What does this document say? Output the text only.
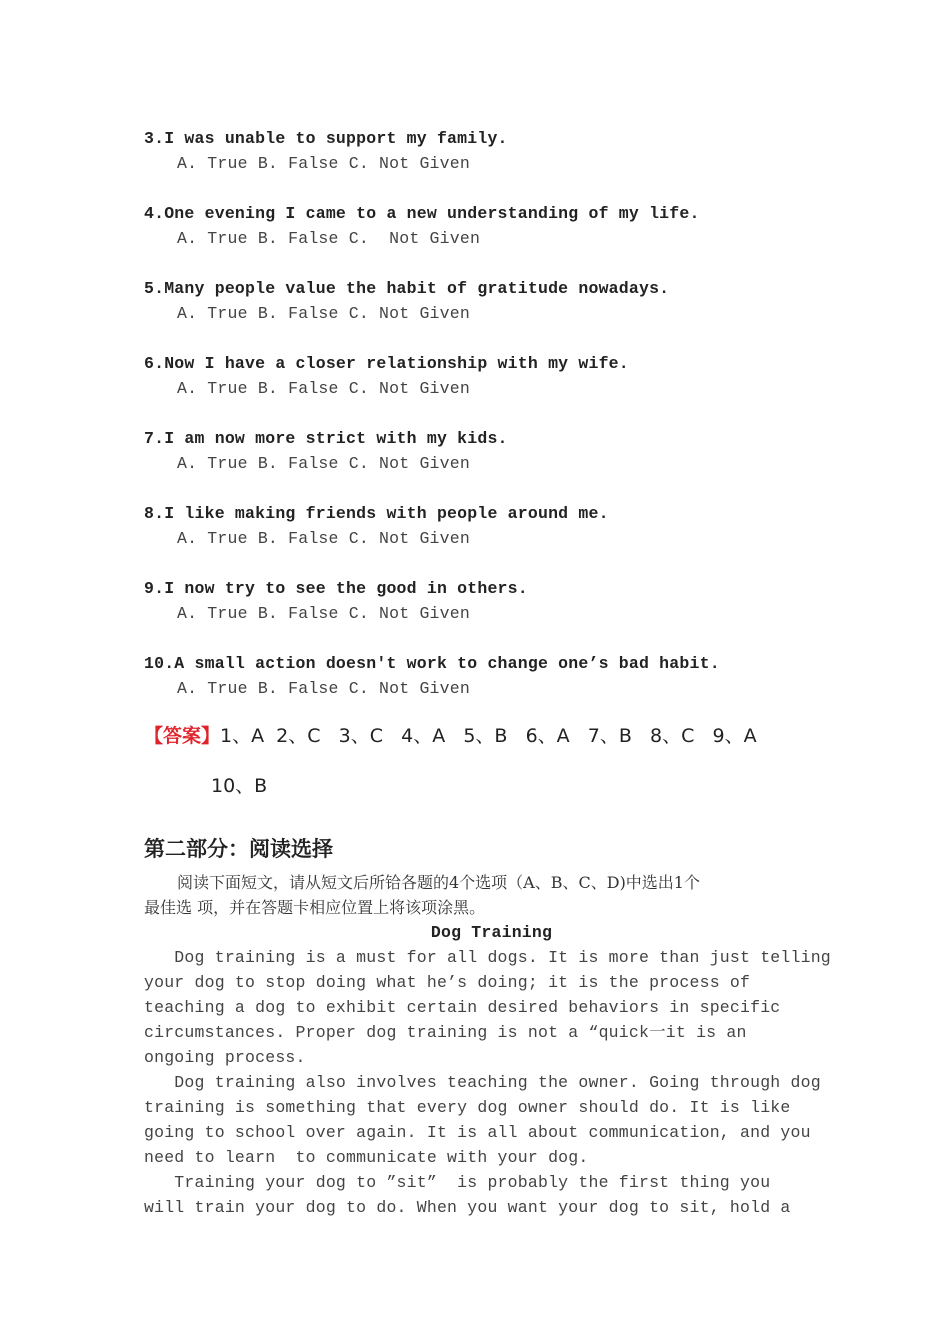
3.I was unable to support my family.
A. True B. False C. Not Given
4.One evening I came to a new understanding of my life.
A. True B. False C.  Not Given
5.Many people value the habit of gratitude nowadays.
A. True B. False C. Not Given
6.Now I have a closer relationship with my wife.
A. True B. False C. Not Given
7.I am now more strict with my kids.
A. True B. False C. Not Given
8.I like making friends with people around me.
A. True B. False C. Not Given
9.I now try to see the good in others.
A. True B. False C. Not Given
10.A small action doesn't work to change one’s bad habit.
A. True B. False C. Not Given
【答案】1、A  2、C   3、C   4、A   5、B   6、A   7、B   8、C   9、A
10、B
第二部分：阅读选择
阅读下面短文，请从短文后所铪各题的4个选项（A、B、C、D)中选出1个
最佳选 项，并在答题卡相应位置上将该项涂黑。
Dog Training
Dog training is a must for all dogs. It is more than just telling
your dog to stop doing what he’s doing; it is the process of
teaching a dog to exhibit certain desired behaviors in specific
circumstances. Proper dog training is not a “quick一it is an
ongoing process.
Dog training also involves teaching the owner. Going through dog
training is something that every dog owner should do. It is like
going to school over again. It is all about communication, and you
need to learn  to communicate with your dog.
Training your dog to ”sit”  is probably the first thing you
will train your dog to do. When you want your dog to sit, hold a
